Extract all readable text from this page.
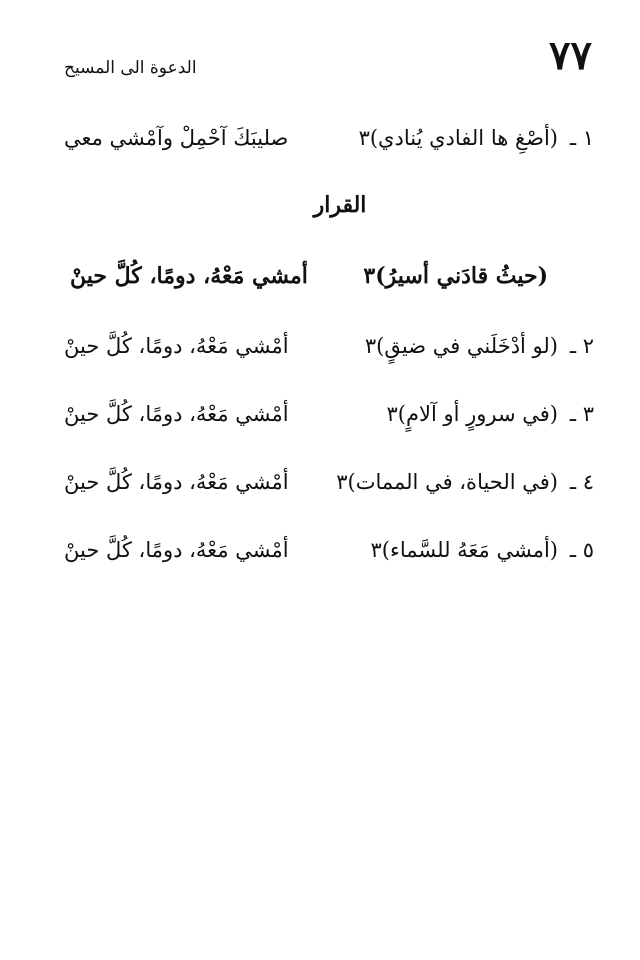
٧٧
الدعوة الى المسيح
١ ـ
(أصْغِ ها الفادي يُنادي)٣
صليبَكَ آحْمِلْ وآمْشي معي
القرار
(حيثُ قادَني أسيرُ)٣
أمشي مَعْهُ، دومًا، كُلَّ حينْ
٢ ـ
(لو أدْخَلَني في ضيقٍ)٣
أمْشي مَعْهُ، دومًا، كُلَّ حينْ
٣ ـ
(في سرورٍ أو آلامٍ)٣
أمْشي مَعْهُ، دومًا، كُلَّ حينْ
٤ ـ
(في الحياة، في الممات)٣
أمْشي مَعْهُ، دومًا، كُلَّ حينْ
٥ ـ
(أمشي مَعَهُ للسَّماء)٣
أمْشي مَعْهُ، دومًا، كُلَّ حينْ
